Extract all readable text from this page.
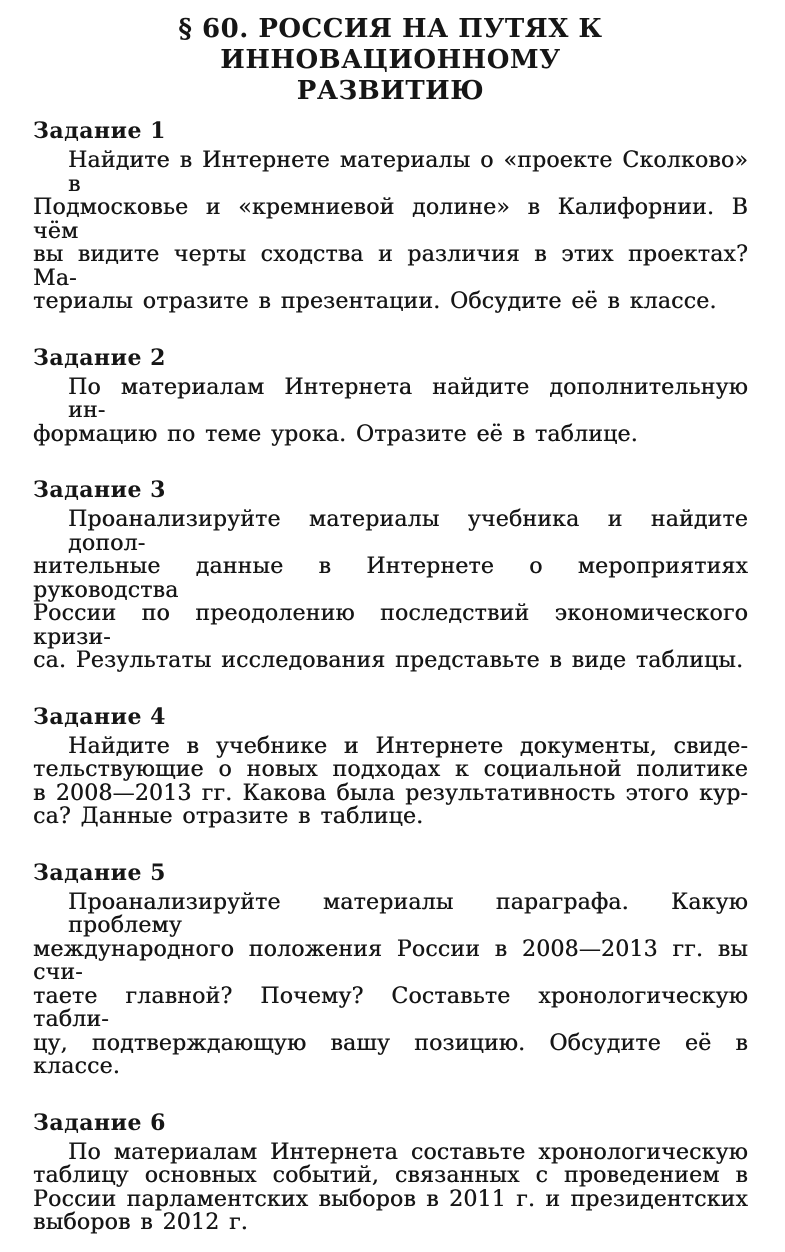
§ 60. РОССИЯ НА ПУТЯХ К ИННОВАЦИОННОМУ
РАЗВИТИЮ
Задание 1
Найдите в Интернете материалы о «проекте Сколково» в
Подмосковье и «кремниевой долине» в Калифорнии. В чём
вы видите черты сходства и различия в этих проектах? Ма-
териалы отразите в презентации. Обсудите её в классе.
Задание 2
По материалам Интернета найдите дополнительную ин-
формацию по теме урока. Отразите её в таблице.
Задание 3
Проанализируйте материалы учебника и найдите допол-
нительные данные в Интернете о мероприятиях руководства
России по преодолению последствий экономического кризи-
са. Результаты исследования представьте в виде таблицы.
Задание 4
Найдите в учебнике и Интернете документы, свиде-
тельствующие о новых подходах к социальной политике
в 2008—2013 гг. Какова была результативность этого кур-
са? Данные отразите в таблице.
Задание 5
Проанализируйте материалы параграфа. Какую проблему
международного положения России в 2008—2013 гг. вы счи-
таете главной? Почему? Составьте хронологическую табли-
цу, подтверждающую вашу позицию. Обсудите её в классе.
Задание 6
По материалам Интернета составьте хронологическую
таблицу основных событий, связанных с проведением в
России парламентских выборов в 2011 г. и президентских
выборов в 2012 г.
